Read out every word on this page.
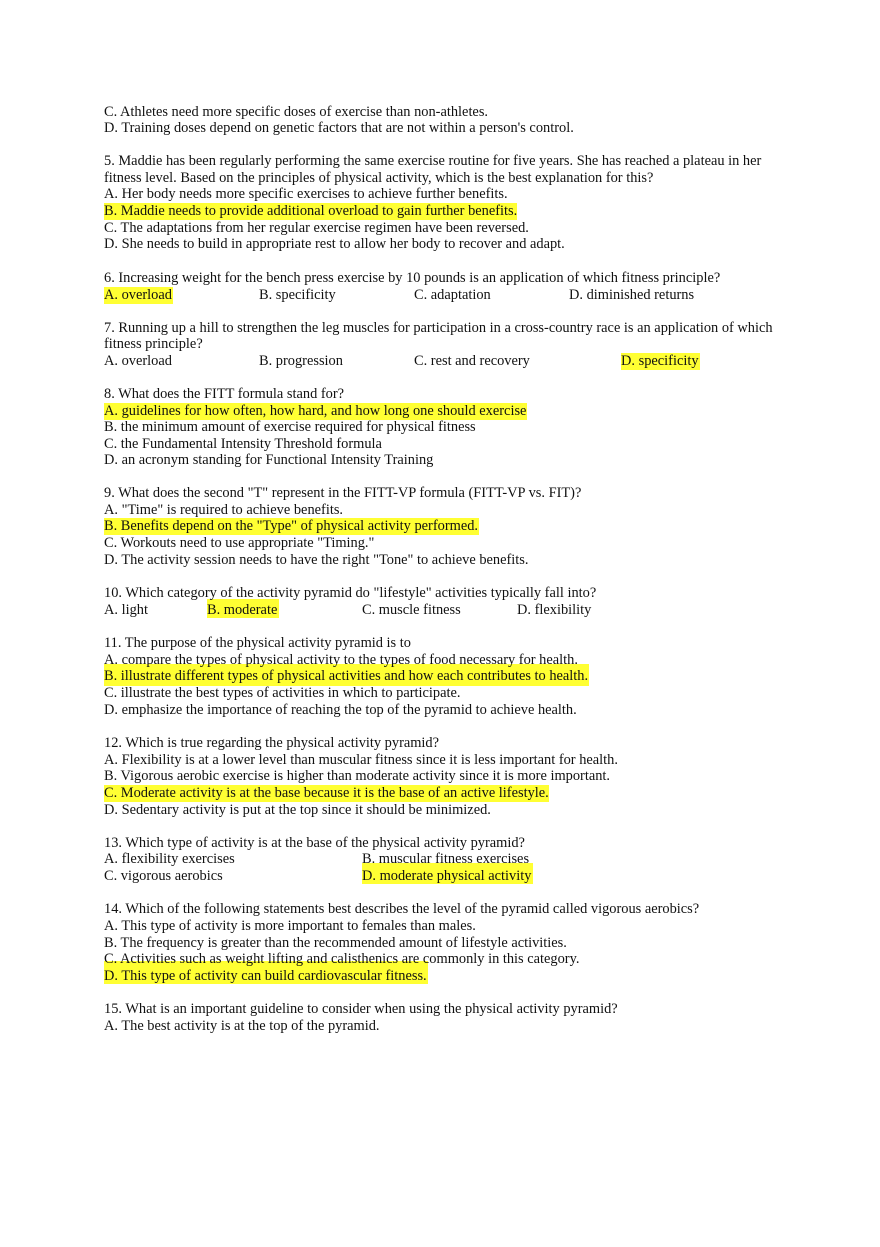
C. Athletes need more specific doses of exercise than non-athletes.
D. Training doses depend on genetic factors that are not within a person's control.
5. Maddie has been regularly performing the same exercise routine for five years. She has reached a plateau in her
fitness level. Based on the principles of physical activity, which is the best explanation for this?
A. Her body needs more specific exercises to achieve further benefits.
B. Maddie needs to provide additional overload to gain further benefits.
C. The adaptations from her regular exercise regimen have been reversed.
D. She needs to build in appropriate rest to allow her body to recover and adapt.
6. Increasing weight for the bench press exercise by 10 pounds is an application of which fitness principle?
A. overload	B. specificity	C. adaptation	D. diminished returns
7. Running up a hill to strengthen the leg muscles for participation in a cross-country race is an application of which
fitness principle?
A. overload	B. progression	C. rest and recovery	D. specificity
8. What does the FITT formula stand for?
A. guidelines for how often, how hard, and how long one should exercise
B. the minimum amount of exercise required for physical fitness
C. the Fundamental Intensity Threshold formula
D. an acronym standing for Functional Intensity Training
9. What does the second "T" represent in the FITT-VP formula (FITT-VP vs. FIT)?
A. "Time" is required to achieve benefits.
B. Benefits depend on the "Type" of physical activity performed.
C. Workouts need to use appropriate "Timing."
D. The activity session needs to have the right "Tone" to achieve benefits.
10. Which category of the activity pyramid do "lifestyle" activities typically fall into?
A. light	B. moderate	C. muscle fitness	D. flexibility
11. The purpose of the physical activity pyramid is to
A. compare the types of physical activity to the types of food necessary for health.
B. illustrate different types of physical activities and how each contributes to health.
C. illustrate the best types of activities in which to participate.
D. emphasize the importance of reaching the top of the pyramid to achieve health.
12. Which is true regarding the physical activity pyramid?
A. Flexibility is at a lower level than muscular fitness since it is less important for health.
B. Vigorous aerobic exercise is higher than moderate activity since it is more important.
C. Moderate activity is at the base because it is the base of an active lifestyle.
D. Sedentary activity is put at the top since it should be minimized.
13. Which type of activity is at the base of the physical activity pyramid?
A. flexibility exercises	B. muscular fitness exercises
C. vigorous aerobics	D. moderate physical activity
14. Which of the following statements best describes the level of the pyramid called vigorous aerobics?
A. This type of activity is more important to females than males.
B. The frequency is greater than the recommended amount of lifestyle activities.
C. Activities such as weight lifting and calisthenics are commonly in this category.
D. This type of activity can build cardiovascular fitness.
15. What is an important guideline to consider when using the physical activity pyramid?
A. The best activity is at the top of the pyramid.
